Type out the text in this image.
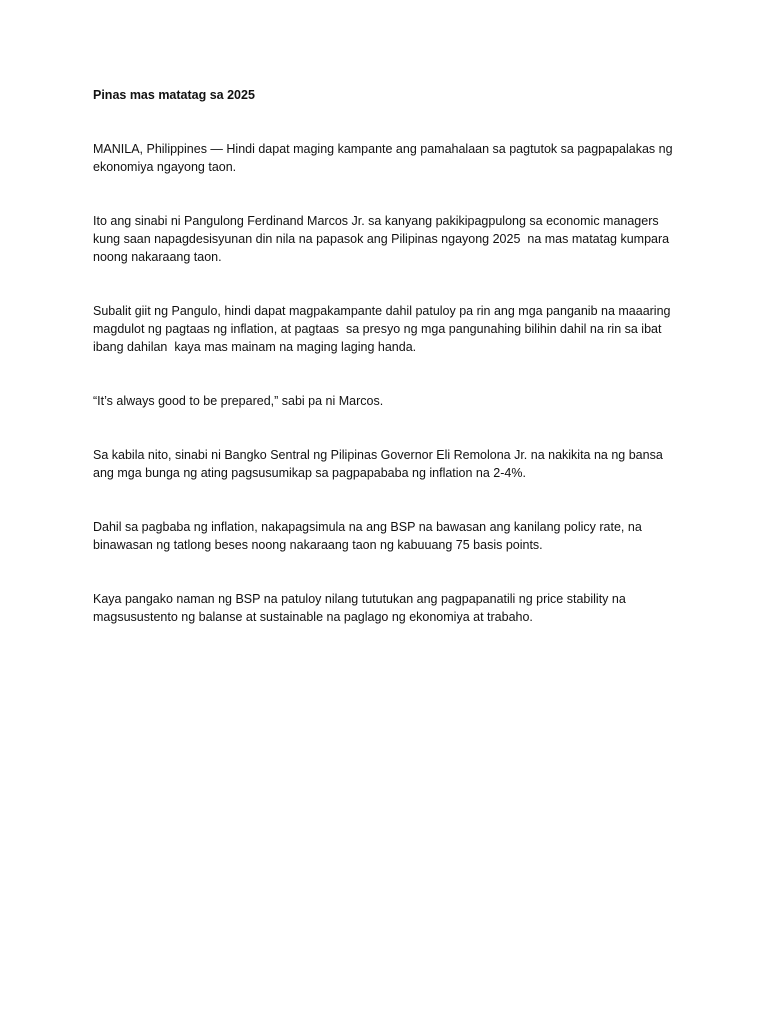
Pinas mas matatag sa 2025

MANILA, Philippines — Hindi dapat maging kampante ang pamahalaan sa pagtutok sa pagpapalakas ng ekonomiya ngayong taon.

Ito ang sinabi ni Pangulong Ferdinand Marcos Jr. sa kanyang pakikipagpulong sa economic managers kung saan napagdesisyunan din nila na papasok ang Pilipinas ngayong 2025  na mas matatag kumpara noong nakaraang taon.

Subalit giit ng Pangulo, hindi dapat magpakampante dahil patuloy pa rin ang mga panganib na maaaring magdulot ng pagtaas ng inflation, at pagtaas  sa presyo ng mga pangunahing bilihin dahil na rin sa ibat ibang dahilan  kaya mas mainam na maging laging handa.

“It’s always good to be prepared,” sabi pa ni Marcos.

Sa kabila nito, sinabi ni Bangko Sentral ng Pilipinas Governor Eli Remolona Jr. na nakikita na ng bansa ang mga bunga ng ating pagsusumikap sa pagpapababa ng inflation na 2-4%.

Dahil sa pagbaba ng inflation, nakapagsimula na ang BSP na bawasan ang kanilang policy rate, na binawasan ng tatlong beses noong nakaraang taon ng kabuuang 75 basis points.

Kaya pangako naman ng BSP na patuloy nilang tututukan ang pagpapanatili ng price stability na magsusustento ng balanse at sustainable na paglago ng ekonomiya at trabaho.
